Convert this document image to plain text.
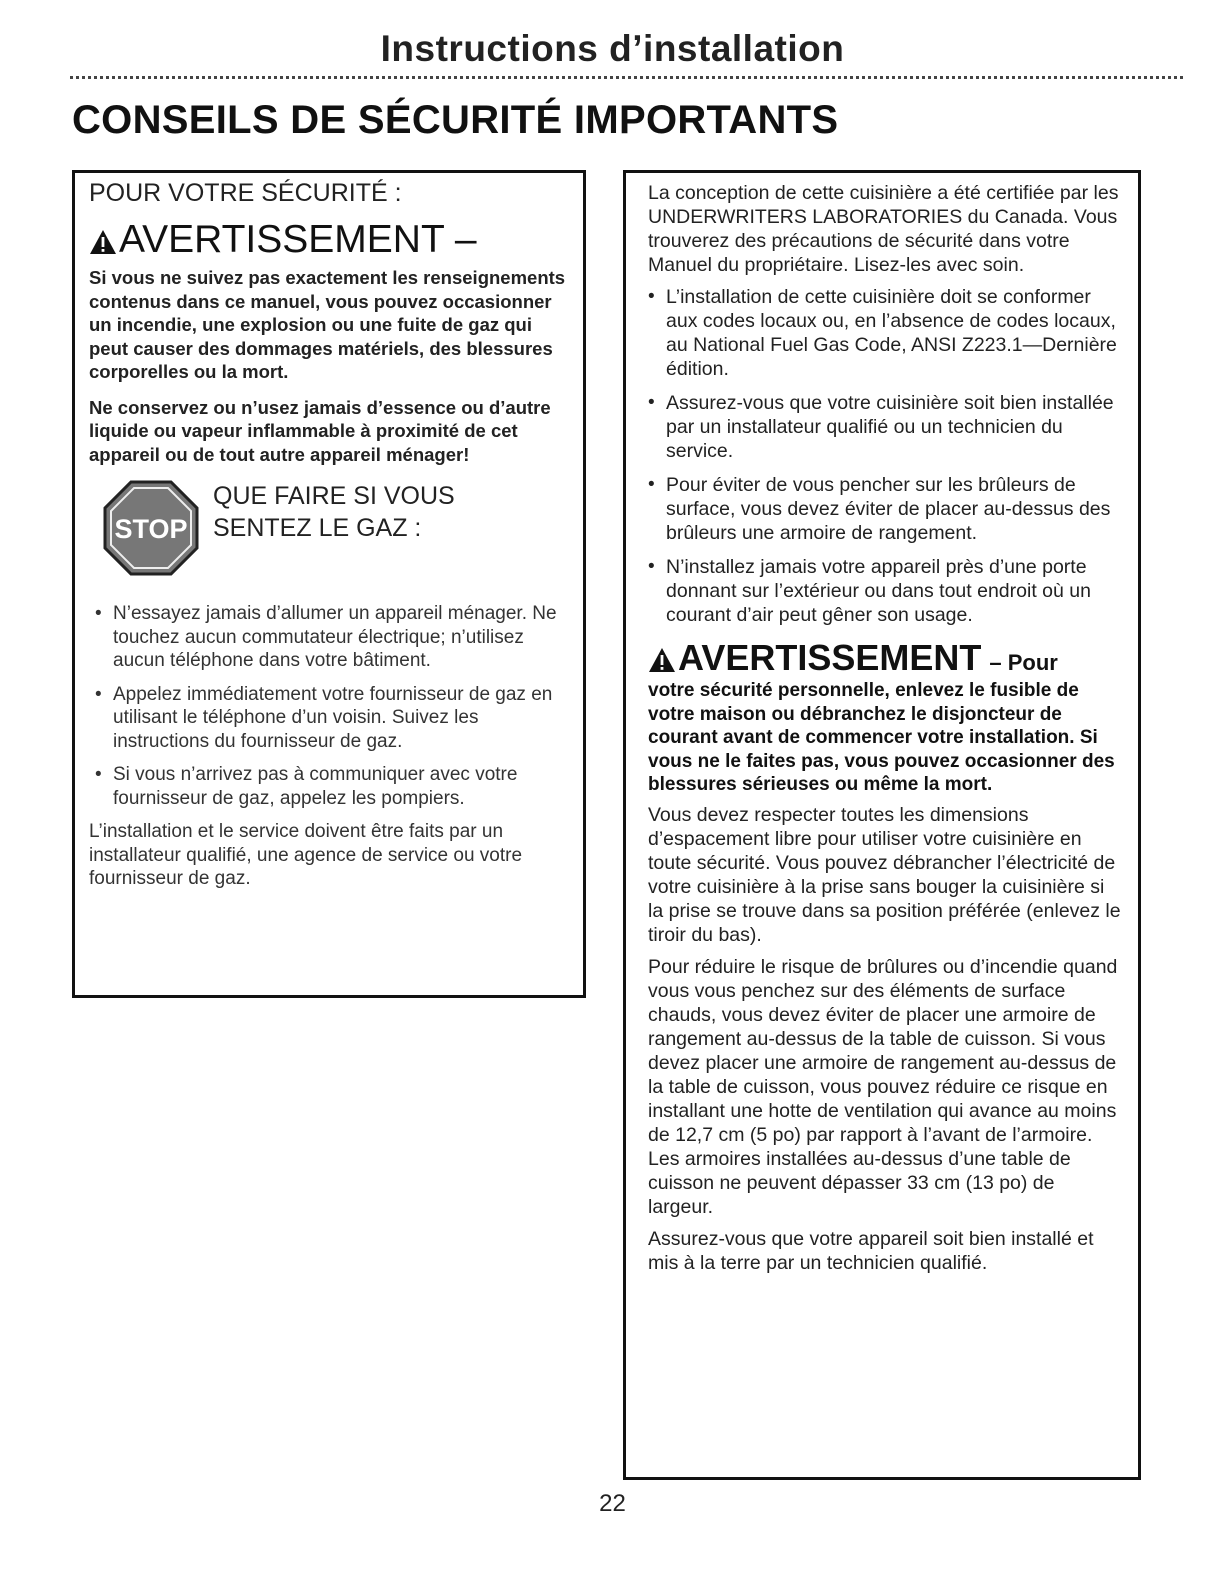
Instructions d’installation
CONSEILS DE SÉCURITÉ IMPORTANTS
POUR VOTRE SÉCURITÉ :
AVERTISSEMENT –

Si vous ne suivez pas exactement les renseignements contenus dans ce manuel, vous pouvez occasionner un incendie, une explosion ou une fuite de gaz qui peut causer des dommages matériels, des blessures corporelles ou la mort.

Ne conservez ou n’usez jamais d’essence ou d’autre liquide ou vapeur inflammable à proximité de cet appareil ou de tout autre appareil ménager!

STOP
QUE FAIRE SI VOUS
SENTEZ LE GAZ :
• N’essayez jamais d’allumer un appareil ménager. Ne touchez aucun commutateur électrique; n’utilisez aucun téléphone dans votre bâtiment.
• Appelez immédiatement votre fournisseur de gaz en utilisant le téléphone d’un voisin. Suivez les instructions du fournisseur de gaz.
• Si vous n’arrivez pas à communiquer avec votre fournisseur de gaz, appelez les pompiers.

L’installation et le service doivent être faits par un installateur qualifié, une agence de service ou votre fournisseur de gaz.

La conception de cette cuisinière a été certifiée par les UNDERWRITERS LABORATORIES du Canada. Vous trouverez des précautions de sécurité dans votre Manuel du propriétaire. Lisez-les avec soin.

• L’installation de cette cuisinière doit se conformer aux codes locaux ou, en l’absence de codes locaux, au National Fuel Gas Code, ANSI Z223.1—Dernière édition.
• Assurez-vous que votre cuisinière soit bien installée par un installateur qualifié ou un technicien du service.
• Pour éviter de vous pencher sur les brûleurs de surface, vous devez éviter de placer au-dessus des brûleurs une armoire de rangement.
• N’installez jamais votre appareil près d’une porte donnant sur l’extérieur ou dans tout endroit où un courant d’air peut gêner son usage.
AVERTISSEMENT – Pour

votre sécurité personnelle, enlevez le fusible de votre maison ou débranchez le disjoncteur de courant avant de commencer votre installation. Si vous ne le faites pas, vous pouvez occasionner des blessures sérieuses ou même la mort.

Vous devez respecter toutes les dimensions d’espacement libre pour utiliser votre cuisinière en toute sécurité. Vous pouvez débrancher l’électricité de votre cuisinière à la prise sans bouger la cuisinière si la prise se trouve dans sa position préférée (enlevez le tiroir du bas).

Pour réduire le risque de brûlures ou d’incendie quand vous vous penchez sur des éléments de surface chauds, vous devez éviter de placer une armoire de rangement au-dessus de la table de cuisson. Si vous devez placer une armoire de rangement au-dessus de la table de cuisson, vous pouvez réduire ce risque en installant une hotte de ventilation qui avance au moins de 12,7 cm (5 po) par rapport à l’avant de l’armoire. Les armoires installées au-dessus d’une table de cuisson ne peuvent dépasser 33 cm (13 po) de largeur.

Assurez-vous que votre appareil soit bien installé et mis à la terre par un technicien qualifié.

22
